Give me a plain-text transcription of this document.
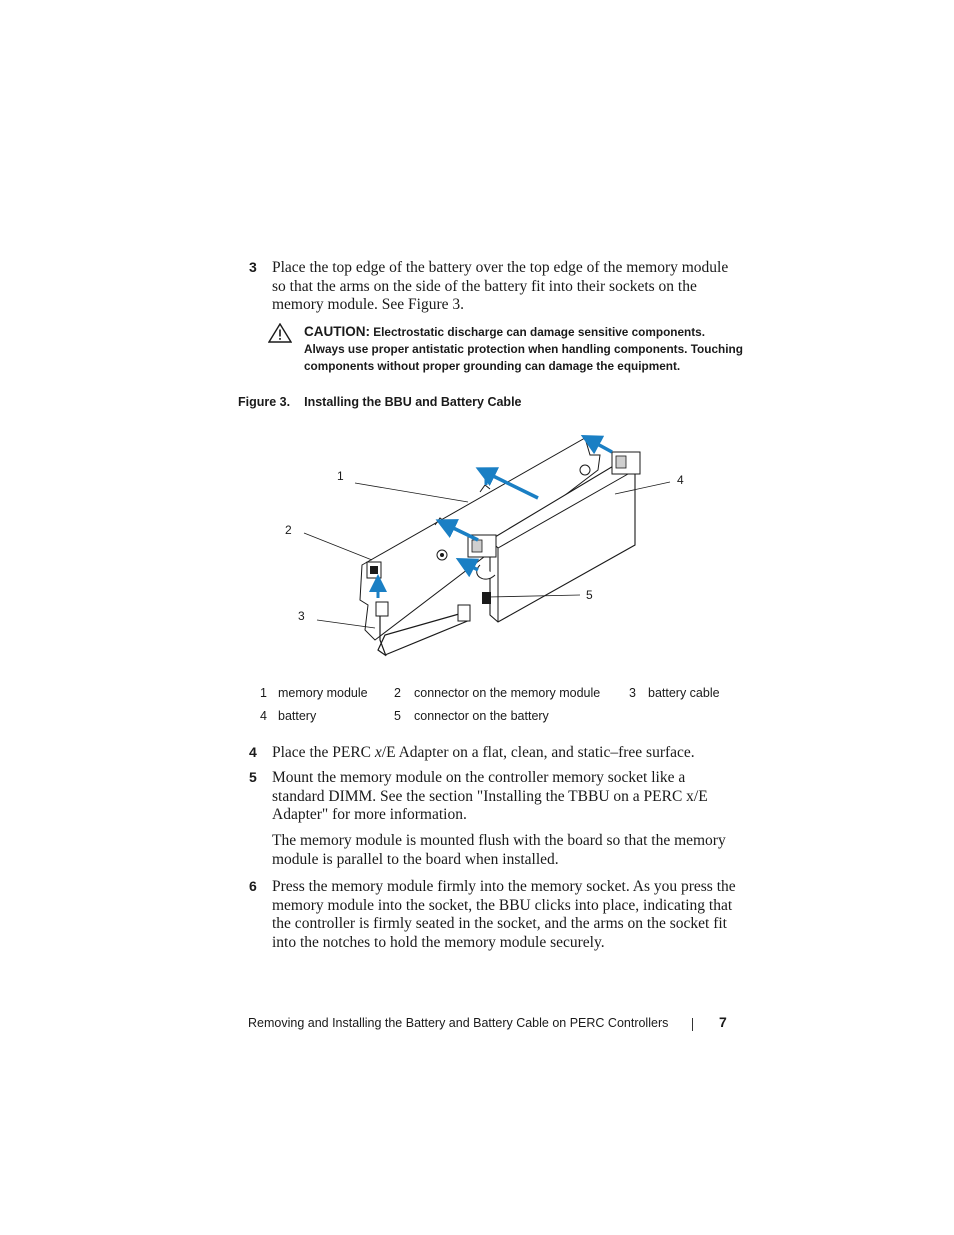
3 Place the top edge of the battery over the top edge of the memory module so that the arms on the side of the battery fit into their sockets on the memory module. See Figure 3.
CAUTION: Electrostatic discharge can damage sensitive components. Always use proper antistatic protection when handling components. Touching components without proper grounding can damage the equipment.
Figure 3. Installing the BBU and Battery Cable
1
2
3
4
5
1 memory module 2 connector on the memory module 3 battery cable
4 battery	5 connector on the battery
4 Place the PERC x/E Adapter on a flat, clean, and static–free surface.
5 Mount the memory module on the controller memory socket like a standard DIMM. See the section "Installing the TBBU on a PERC x/E Adapter" for more information.
The memory module is mounted flush with the board so that the memory module is parallel to the board when installed.
6 Press the memory module firmly into the memory socket. As you press the memory module into the socket, the BBU clicks into place, indicating that the controller is firmly seated in the socket, and the arms on the socket fit into the notches to hold the memory module securely.
Removing and Installing the Battery and Battery Cable on PERC Controllers	7
